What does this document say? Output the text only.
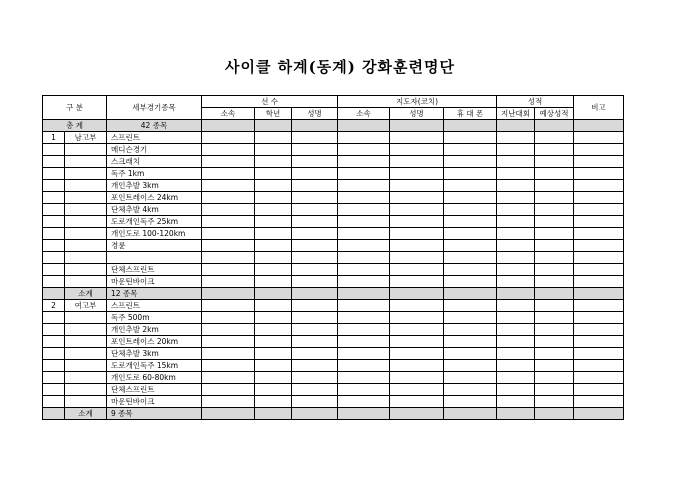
사이클 하계(동계) 강화훈련명단
구 분		세부경기종목	선 수			지도자(코치)			성적		비고
			소속	학년	성명	소속	성명	휴 대 폰	지난대회	예상성적	
총 계		42 종목									
1	남고부	스프린트									
		메디슨경기									
		스크래치									
		독주 1km									
		개인추발 3km									
		포인트레이스 24km									
		단체추발 4km									
		도로개인독주 25km									
		개인도로 100-120km									
		경륜									

		단체스프린트									
		마운틴바이크									
	소계	12 종목									
2	여고부	스프린트									
		독주 500m									
		개인추발 2km									
		포인트레이스 20km									
		단체추발 3km									
		도로개인독주 15km									
		개인도로 60-80km									
		단체스프린트									
		마운틴바이크									
	소계	9 종목									
